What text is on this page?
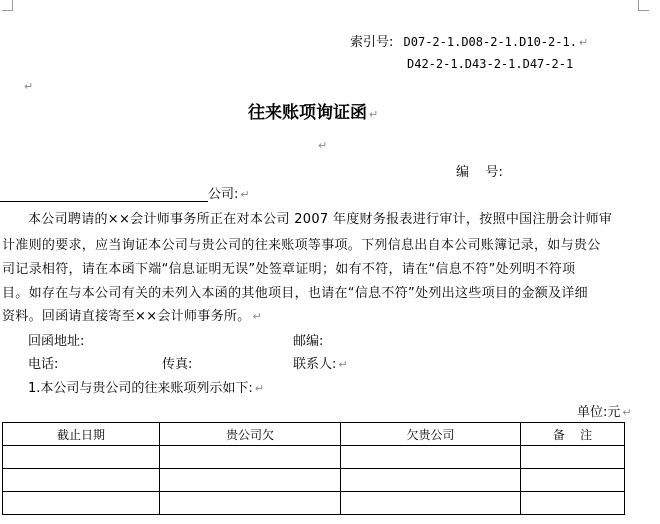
索引号: D07-2-1.D08-2-1.D10-2-1. ↵
D42-2-1.D43-2-1.D47-2-1
↵
往来账项询证函 ↵
↵
编    号:
公司: ↵
本公司聘请的××会计师事务所正在对本公司 2007 年度财务报表进行审计，按照中国注册会计师审
计准则的要求，应当询证本公司与贵公司的往来账项等事项。下列信息出自本公司账簿记录，如与贵公
司记录相符，请在本函下端“信息证明无误”处签章证明；如有不符，请在“信息不符”处列明不符项
目。如存在与本公司有关的未列入本函的其他项目，也请在“信息不符”处列出这些项目的金额及详细
资料。回函请直接寄至××会计师事务所。 ↵
回函地址:	邮编:
电话:	传真:	联系人: ↵
1.本公司与贵公司的往来账项列示如下: ↵
单位:元 ↵
截止日期	贵公司欠	欠贵公司	备    注
